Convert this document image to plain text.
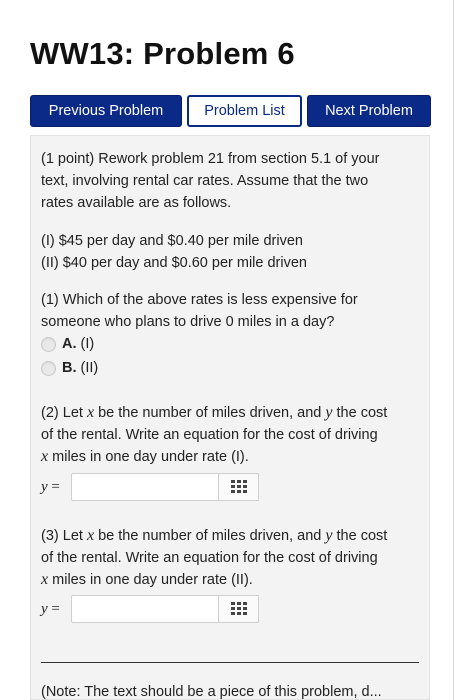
WW13: Problem 6
Previous Problem	Problem List	Next Problem
(1 point) Rework problem 21 from section 5.1 of your
text, involving rental car rates. Assume that the two
rates available are as follows.
(I) $45 per day and $0.40 per mile driven
(II) $40 per day and $0.60 per mile driven
(1) Which of the above rates is less expensive for
someone who plans to drive 0 miles in a day?
A. (I)
B. (II)
(2) Let x be the number of miles driven, and y the cost
of the rental. Write an equation for the cost of driving
x miles in one day under rate (I).
y =
(3) Let x be the number of miles driven, and y the cost
of the rental. Write an equation for the cost of driving
x miles in one day under rate (II).
y =
(Note: The text should be a piece of this problem, d...
